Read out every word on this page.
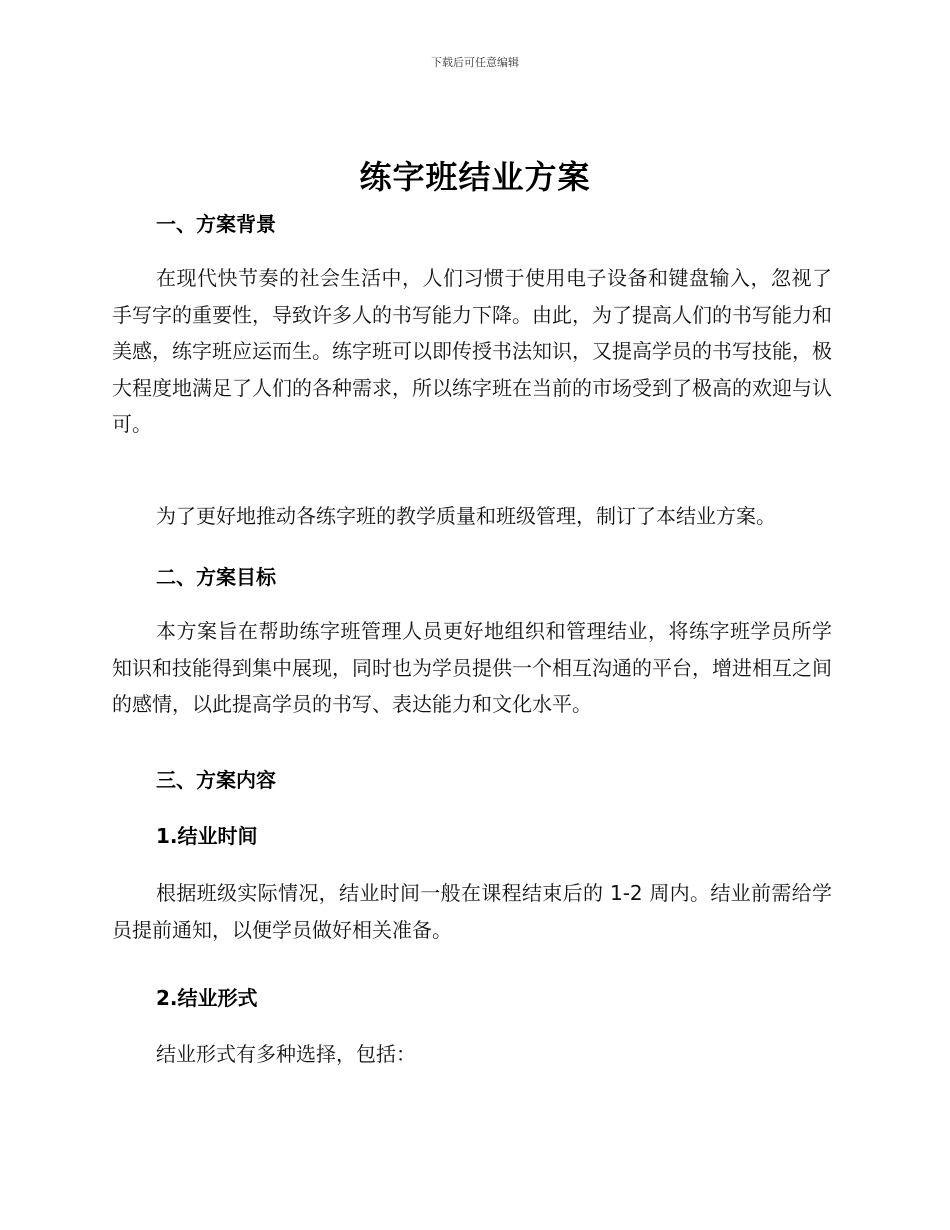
下载后可任意编辑
练字班结业方案
一、方案背景

在现代快节奏的社会生活中，人们习惯于使用电子设备和键盘输入，忽视了手写字的重要性，导致许多人的书写能力下降。由此，为了提高人们的书写能力和美感，练字班应运而生。练字班可以即传授书法知识，又提高学员的书写技能，极大程度地满足了人们的各种需求，所以练字班在当前的市场受到了极高的欢迎与认可。

为了更好地推动各练字班的教学质量和班级管理，制订了本结业方案。

二、方案目标

本方案旨在帮助练字班管理人员更好地组织和管理结业，将练字班学员所学知识和技能得到集中展现，同时也为学员提供一个相互沟通的平台，增进相互之间的感情，以此提高学员的书写、表达能力和文化水平。

三、方案内容
1.结业时间

根据班级实际情况，结业时间一般在课程结束后的 1-2 周内。结业前需给学员提前通知，以便学员做好相关准备。

2.结业形式

结业形式有多种选择，包括：
